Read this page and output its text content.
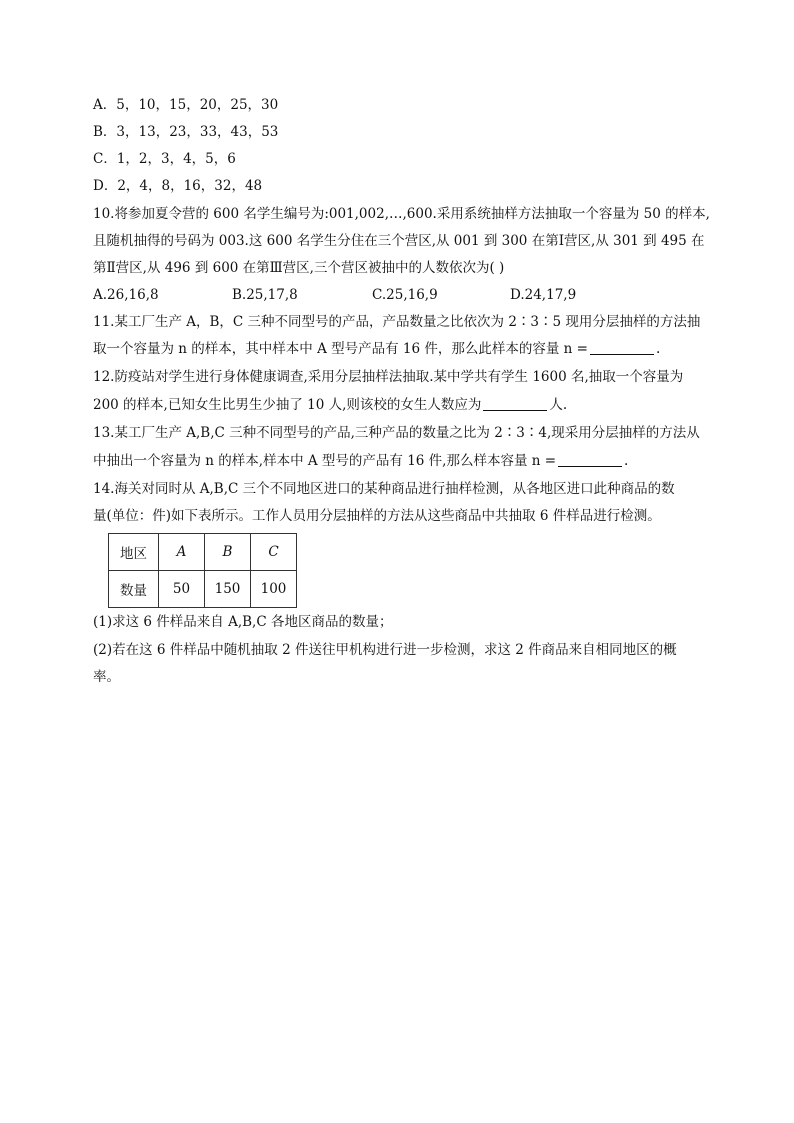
A．5，10，15，20，25，30
B．3，13，23，33，43，53
C．1，2，3，4，5，6
D．2，4，8，16，32，48
10.将参加夏令营的 600 名学生编号为:001,002,…,600.采用系统抽样方法抽取一个容量为 50 的样本,
且随机抽得的号码为 003.这 600 名学生分住在三个营区,从 001 到 300 在第Ⅰ营区,从 301 到 495 在
第Ⅱ营区,从 496 到 600 在第Ⅲ营区,三个营区被抽中的人数依次为( )
A.26,16,8	B.25,17,8	C.25,16,9	D.24,17,9
11.某工厂生产 A，B，C 三种不同型号的产品，产品数量之比依次为 2∶3∶5 现用分层抽样的方法抽
取一个容量为 n 的样本，其中样本中 A 型号产品有 16 件，那么此样本的容量 n =	.
12.防疫站对学生进行身体健康调查,采用分层抽样法抽取.某中学共有学生 1600 名,抽取一个容量为
200 的样本,已知女生比男生少抽了 10 人,则该校的女生人数应为	人.
13.某工厂生产 A,B,C 三种不同型号的产品,三种产品的数量之比为 2∶3∶4,现采用分层抽样的方法从
中抽出一个容量为 n 的样本,样本中 A 型号的产品有 16 件,那么样本容量 n =	.
14.海关对同时从 A,B,C 三个不同地区进口的某种商品进行抽样检测，从各地区进口此种商品的数
量(单位：件)如下表所示。工作人员用分层抽样的方法从这些商品中共抽取 6 件样品进行检测。
地区	A	B	C
数量	50	150	100
(1)求这 6 件样品来自 A,B,C 各地区商品的数量；
(2)若在这 6 件样品中随机抽取 2 件送往甲机构进行进一步检测，求这 2 件商品来自相同地区的概
率。
